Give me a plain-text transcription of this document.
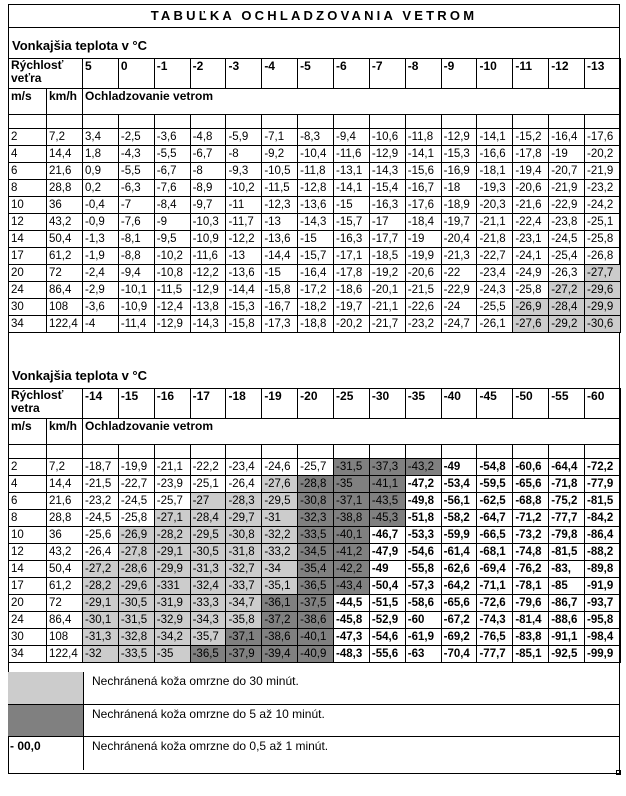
TABUĽKA OCHLADZOVANIA VETROM
Vonkajšia teplota v °C
Rýchlosť veťra		5	0	-1	-2	-3	-4	-5	-6	-7	-8	-9	-10	-11	-12	-13
m/s	km/h	Ochladzovanie vetrom														

2	7,2	3,4	-2,5	-3,6	-4,8	-5,9	-7,1	-8,3	-9,4	-10,6	-11,8	-12,9	-14,1	-15,2	-16,4	-17,6
4	14,4	1,8	-4,3	-5,5	-6,7	-8	-9,2	-10,4	-11,6	-12,9	-14,1	-15,3	-16,6	-17,8	-19	-20,2
6	21,6	0,9	-5,5	-6,7	-8	-9,3	-10,5	-11,8	-13,1	-14,3	-15,6	-16,9	-18,1	-19,4	-20,7	-21,9
8	28,8	0,2	-6,3	-7,6	-8,9	-10,2	-11,5	-12,8	-14,1	-15,4	-16,7	-18	-19,3	-20,6	-21,9	-23,2
10	36	-0,4	-7	-8,4	-9,7	-11	-12,3	-13,6	-15	-16,3	-17,6	-18,9	-20,3	-21,6	-22,9	-24,2
12	43,2	-0,9	-7,6	-9	-10,3	-11,7	-13	-14,3	-15,7	-17	-18,4	-19,7	-21,1	-22,4	-23,8	-25,1
14	50,4	-1,3	-8,1	-9,5	-10,9	-12,2	-13,6	-15	-16,3	-17,7	-19	-20,4	-21,8	-23,1	-24,5	-25,8
17	61,2	-1,9	-8,8	-10,2	-11,6	-13	-14,4	-15,7	-17,1	-18,5	-19,9	-21,3	-22,7	-24,1	-25,4	-26,8
20	72	-2,4	-9,4	-10,8	-12,2	-13,6	-15	-16,4	-17,8	-19,2	-20,6	-22	-23,4	-24,9	-26,3	-27,7
24	86,4	-2,9	-10,1	-11,5	-12,9	-14,4	-15,8	-17,2	-18,6	-20,1	-21,5	-22,9	-24,3	-25,8	-27,2	-29,6
30	108	-3,6	-10,9	-12,4	-13,8	-15,3	-16,7	-18,2	-19,7	-21,1	-22,6	-24	-25,5	-26,9	-28,4	-29,9
34	122,4	-4	-11,4	-12,9	-14,3	-15,8	-17,3	-18,8	-20,2	-21,7	-23,2	-24,7	-26,1	-27,6	-29,2	-30,6
Vonkajšia teplota v °C
Rýchlosť vetra		-14	-15	-16	-17	-18	-19	-20	-25	-30	-35	-40	-45	-50	-55	-60
m/s	km/h	Ochladzovanie vetrom														

2	7,2	-18,7	-19,9	-21,1	-22,2	-23,4	-24,6	-25,7	-31,5	-37,3	-43,2	-49	-54,8	-60,6	-64,4	-72,2
4	14,4	-21,5	-22,7	-23,9	-25,1	-26,4	-27,6	-28,8	-35	-41,1	-47,2	-53,4	-59,5	-65,6	-71,8	-77,9
6	21,6	-23,2	-24,5	-25,7	-27	-28,3	-29,5	-30,8	-37,1	-43,5	-49,8	-56,1	-62,5	-68,8	-75,2	-81,5
8	28,8	-24,5	-25,8	-27,1	-28,4	-29,7	-31	-32,3	-38,8	-45,3	-51,8	-58,2	-64,7	-71,2	-77,7	-84,2
10	36	-25,6	-26,9	-28,2	-29,5	-30,8	-32,2	-33,5	-40,1	-46,7	-53,3	-59,9	-66,5	-73,2	-79,8	-86,4
12	43,2	-26,4	-27,8	-29,1	-30,5	-31,8	-33,2	-34,5	-41,2	-47,9	-54,6	-61,4	-68,1	-74,8	-81,5	-88,2
14	50,4	-27,2	-28,6	-29,9	-31,3	-32,7	-34	-35,4	-42,2	-49	-55,8	-62,6	-69,4	-76,2	-83,	-89,8
17	61,2	-28,2	-29,6	-331	-32,4	-33,7	-35,1	-36,5	-43,4	-50,4	-57,3	-64,2	-71,1	-78,1	-85	-91,9
20	72	-29,1	-30,5	-31,9	-33,3	-34,7	-36,1	-37,5	-44,5	-51,5	-58,6	-65,6	-72,6	-79,6	-86,7	-93,7
24	86,4	-30,1	-31,5	-32,9	-34,3	-35,8	-37,2	-38,6	-45,8	-52,9	-60	-67,2	-74,3	-81,4	-88,6	-95,8
30	108	-31,3	-32,8	-34,2	-35,7	-37,1	-38,6	-40,1	-47,3	-54,6	-61,9	-69,2	-76,5	-83,8	-91,1	-98,4
34	122,4	-32	-33,5	-35	-36,5	-37,9	-39,4	-40,9	-48,3	-55,6	-63	-70,4	-77,7	-85,1	-92,5	-99,9
Nechránená koža omrzne do 30 minút.
Nechránená koža omrzne do 5 až 10 minút.
- 00,0	Nechránená koža omrzne do 0,5 až 1 minút.
